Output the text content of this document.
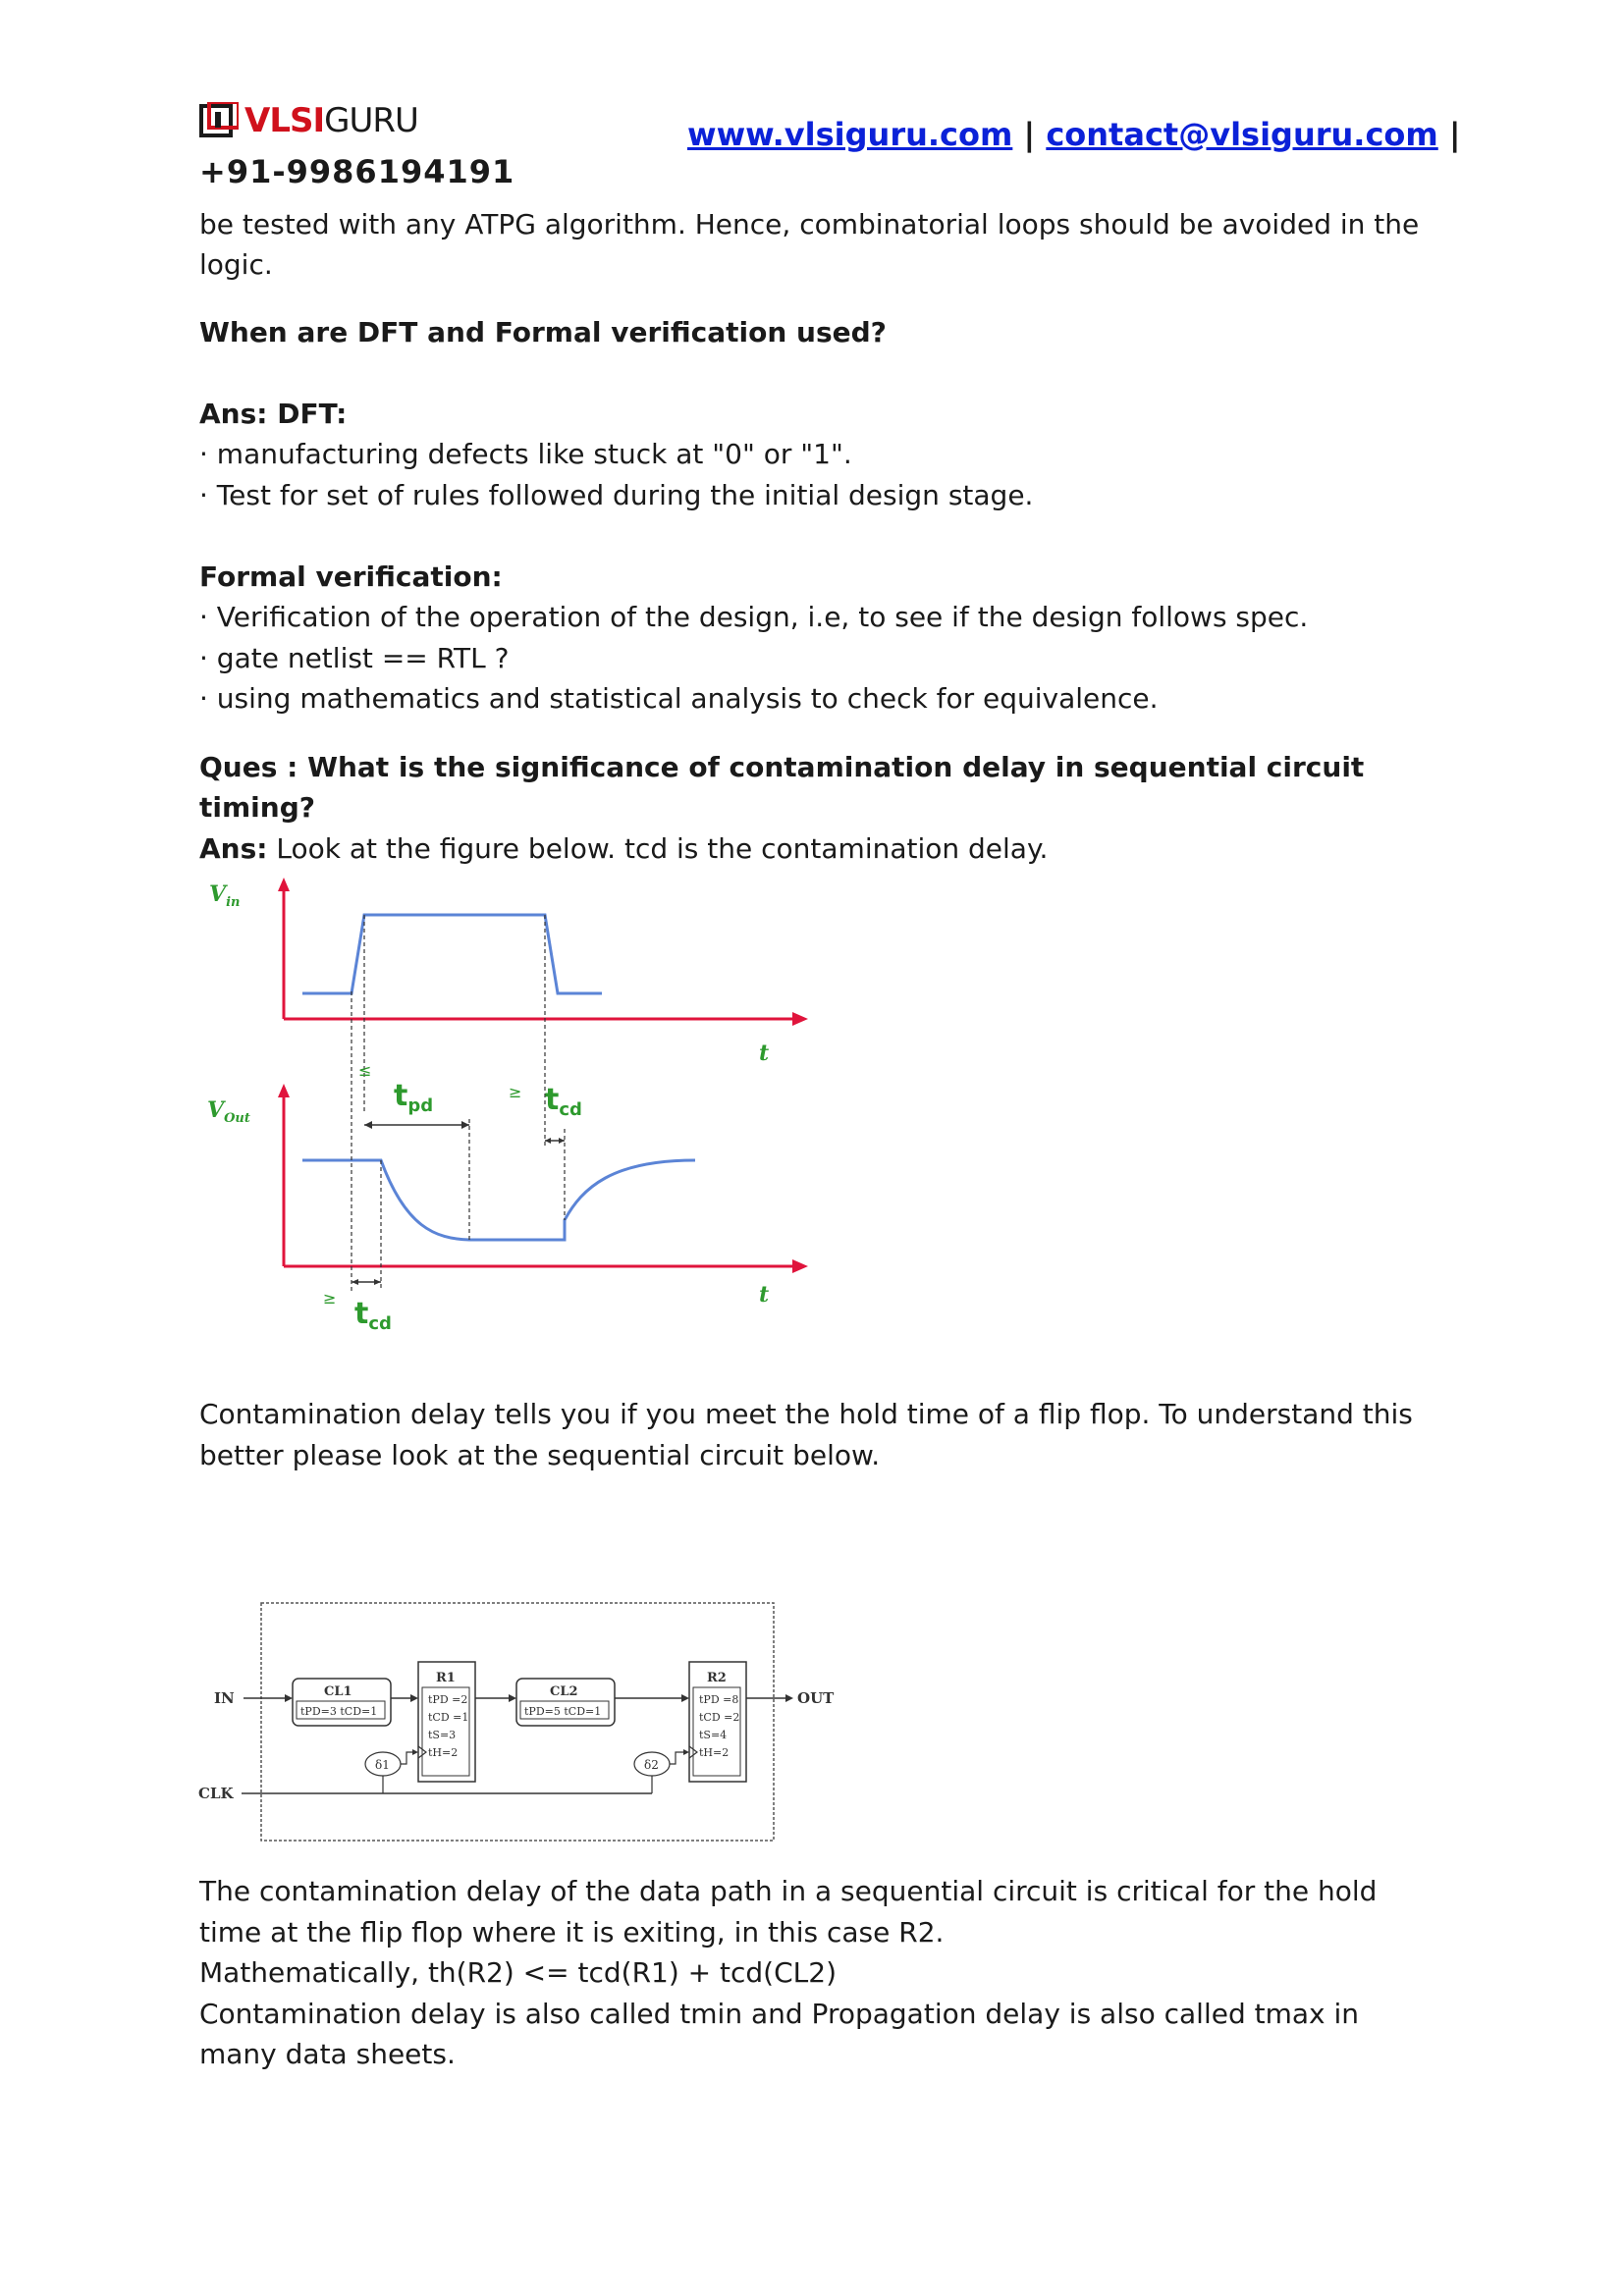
VLSIGURU	www.vlsiguru.com | contact@vlsiguru.com |
+91-9986194191
be tested with any ATPG algorithm. Hence, combinatorial loops should be avoided in the
logic.
When are DFT and Formal verification used?
Ans: DFT:
· manufacturing defects like stuck at "0" or "1".
· Test for set of rules followed during the initial design stage.
Formal verification:
· Verification of the operation of the design, i.e, to see if the design follows spec.
· gate netlist == RTL ?
· using mathematics and statistical analysis to check for equivalence.
Ques : What is the significance of contamination delay in sequential circuit
timing?
Ans: Look at the figure below. tcd is the contamination delay.
$V_{in}$
t
$V_{Out}$
t
≤
$t_{pd}$
≥ $t_{cd}$
≥ $t_{cd}$
Contamination delay tells you if you meet the hold time of a flip flop. To understand this
better please look at the sequential circuit below.
IN	CL1
tPD=3 tCD=1
R1
tPD =2
tCD =1
tS=3
tH=2
CL2
tPD=5 tCD=1
R2
tPD =8
tCD =2
tS=4
tH=2
OUT
CLK
δ1	δ2
The contamination delay of the data path in a sequential circuit is critical for the hold
time at the flip flop where it is exiting, in this case R2.
Mathematically, th(R2) <= tcd(R1) + tcd(CL2)
Contamination delay is also called tmin and Propagation delay is also called tmax in
many data sheets.
